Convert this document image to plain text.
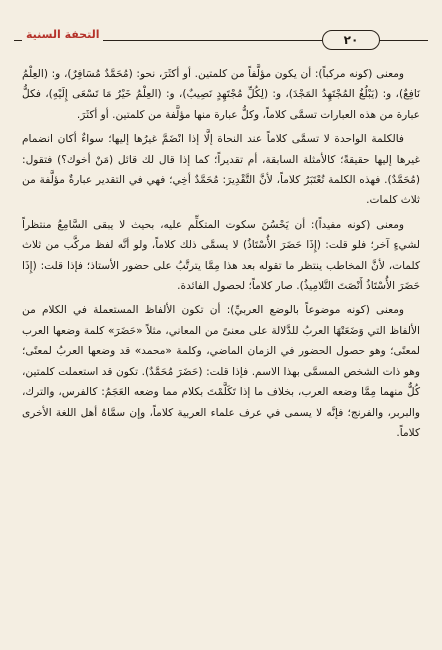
٢٠
التحفة السنية

ومعنى (كونه مركباً): أن يكون مؤلَّفاً من كلمتين. أو أكثَرَ، نحو: (مُحَمَّدٌ مُسَافِرٌ)، و: (العِلْمُ نَافِعٌ)، و: (يَبْلُغُ المُجْتَهِدُ المَجْدَ)، و: (لِكُلِّ مُجْتَهِدٍ نَصِيبٌ)، و: (العِلْمُ خَيْرُ مَا تَسْعَى إِلَيْهِ)، فكلُّ عبارة من هذه العبارات تسمَّى كلاماً، وكلُّ عبارة منها مؤلَّفة من كلمتين. أو أكثَرَ.

فالكلمة الواحدة لا تسمَّى كلاماً عند النحاة إلَّا إذا انْضَمَّ غيرُها إليها؛ سواءٌ أكان انضمام غيرها إليها حقيقةً؛ كالأمثلة السابقة، أم تقديراً؛ كما إذا قال لك قائل (مَنْ أخوك؟) فتقول: (مُحَمَّدٌ). فهذه الكلمة تُعْتَبَرُ كلاماً، لأنَّ التَّقْدِيرَ: مُحَمَّدٌ أخِي؛ فهي في التقدير عبارةٌ مؤلَّفة من ثلاث كلمات.

ومعنى (كونه مفيداً): أن يَحْسُنَ سكوت المتكلِّم عليه، بحيث لا يبقى السَّامِعُ منتظراً لشيءٍ آخر؛ فلو قلت: (إِذَا حَضَرَ الأُسْتَاذُ) لا يسمَّى ذلك كلاماً، ولو أنَّه لفظ مركَّب من ثلاث كلمات، لأنَّ المخاطب ينتظر ما تقوله بعد هذا مِمَّا يترتَّبُ على حضور الأستاذ؛ فإذا قلت: (إِذَا حَضَرَ الأُسْتَاذُ أَنْصَتَ التَّلامِيذُ). صار كلاماً؛ لحصول الفائدة.

ومعنى (كونه موضوعاً بالوضع العربيِّ): أن تكون الألفاظ المستعملة في الكلام من الألفاظ التي وَضَعَتْهَا العربُ للدَّلالة على معنىً من المعاني، مثلاً «حَضَرَ» كلمة وضعها العرب لمعنًى؛ وهو حصول الحضور في الزمان الماضي، وكلمة «محمد» قد وضعها العربُ لمعنًى؛ وهو ذات الشخص المسمَّى بهذا الاسم. فإذا قلت: (حَضَرَ مُحَمَّدٌ). تكون قد استعملت كلمتين، كُلٌّ منهما مِمَّا وضعه العرب، بخلاف ما إذا تَكَلَّمْتَ بكلام مما وضعه العَجَمُ: كالفرس، والترك، والبربر، والفرنج؛ فإنَّه لا يسمى في عرف علماء العربية كلاماً، وإن سمَّاهُ أهل اللغة الأخرى كلاماً.
